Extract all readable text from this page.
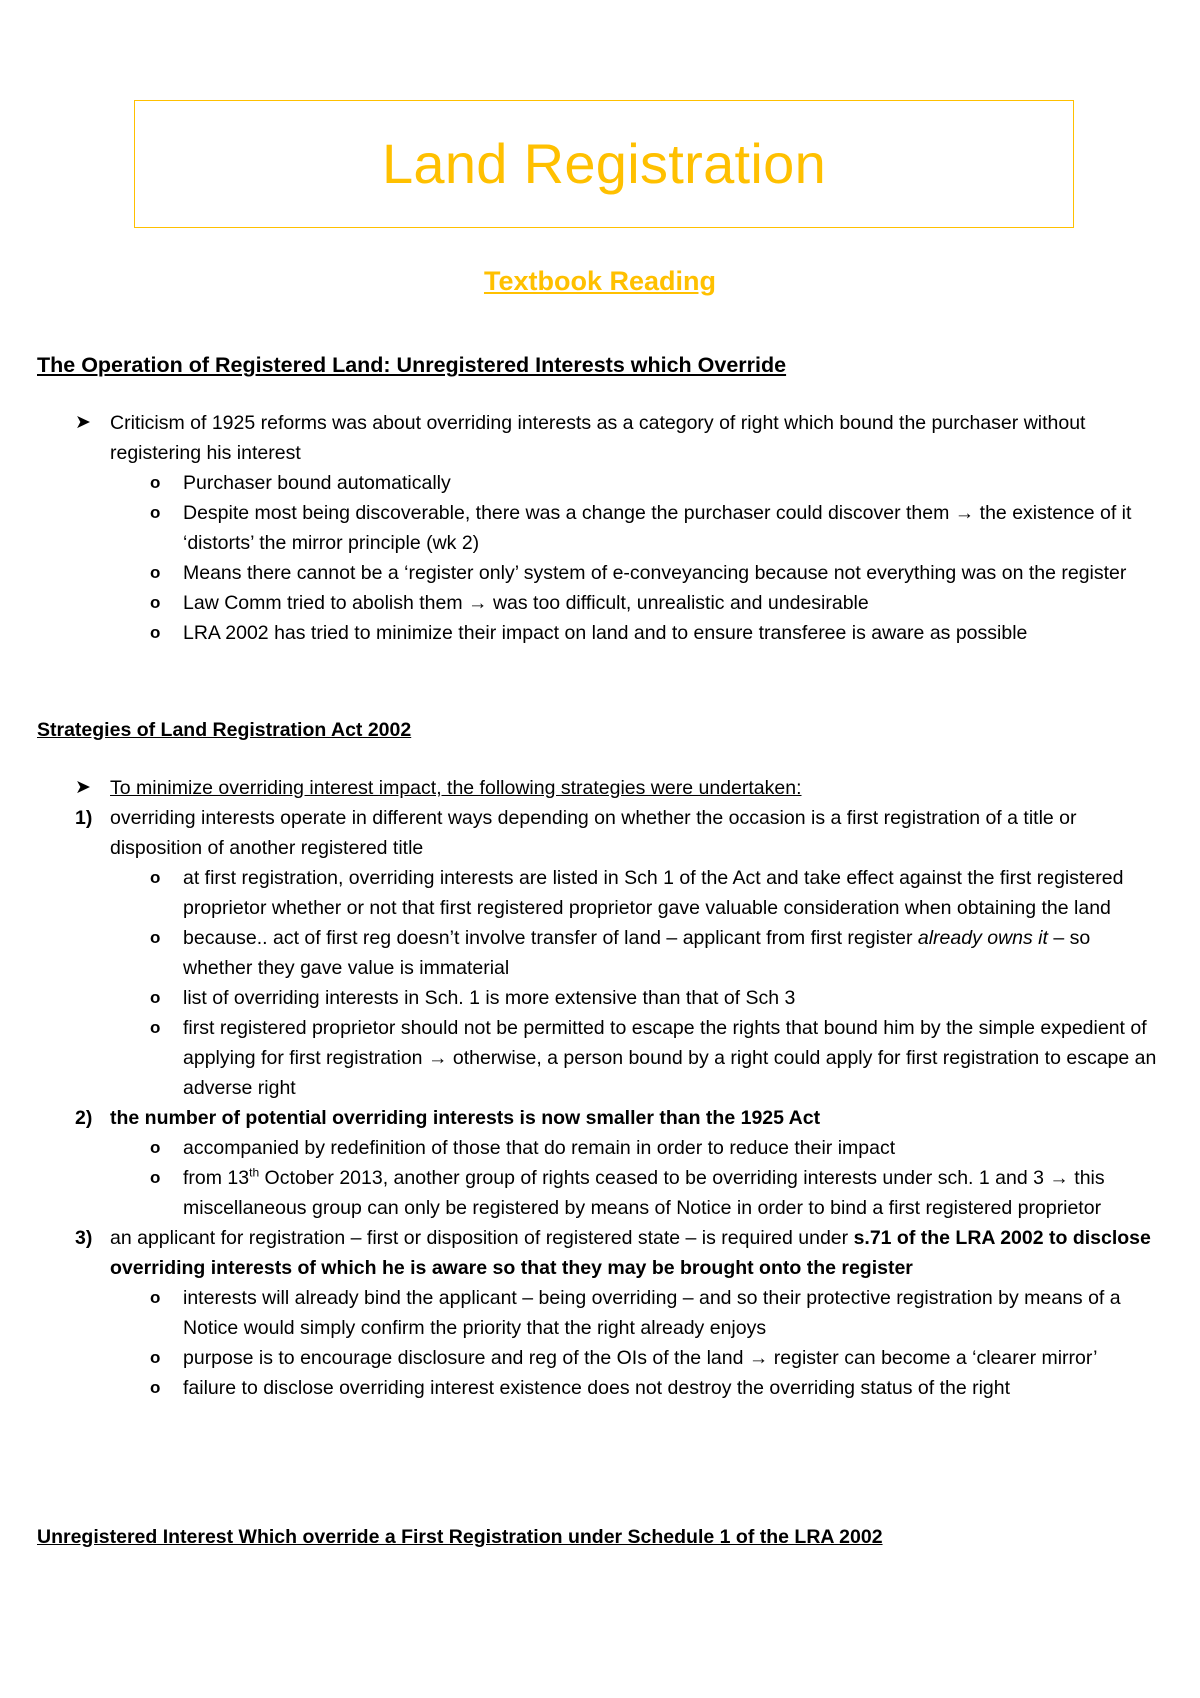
Land Registration
Textbook Reading
The Operation of Registered Land: Unregistered Interests which Override
➤ Criticism of 1925 reforms was about overriding interests as a category of right which bound the purchaser without registering his interest
o Purchaser bound automatically
o Despite most being discoverable, there was a change the purchaser could discover them → the existence of it ‘distorts’ the mirror principle (wk 2)
o Means there cannot be a ‘register only’ system of e-conveyancing because not everything was on the register
o Law Comm tried to abolish them → was too difficult, unrealistic and undesirable
o LRA 2002 has tried to minimize their impact on land and to ensure transferee is aware as possible
Strategies of Land Registration Act 2002
➤ To minimize overriding interest impact, the following strategies were undertaken:
1) overriding interests operate in different ways depending on whether the occasion is a first registration of a title or disposition of another registered title
o at first registration, overriding interests are listed in Sch 1 of the Act and take effect against the first registered proprietor whether or not that first registered proprietor gave valuable consideration when obtaining the land
o because.. act of first reg doesn’t involve transfer of land – applicant from first register already owns it – so whether they gave value is immaterial
o list of overriding interests in Sch. 1 is more extensive than that of Sch 3
o first registered proprietor should not be permitted to escape the rights that bound him by the simple expedient of applying for first registration → otherwise, a person bound by a right could apply for first registration to escape an adverse right
2) the number of potential overriding interests is now smaller than the 1925 Act
o accompanied by redefinition of those that do remain in order to reduce their impact
o from 13th October 2013, another group of rights ceased to be overriding interests under sch. 1 and 3 → this miscellaneous group can only be registered by means of Notice in order to bind a first registered proprietor
3) an applicant for registration – first or disposition of registered state – is required under s.71 of the LRA 2002 to disclose overriding interests of which he is aware so that they may be brought onto the register
o interests will already bind the applicant – being overriding – and so their protective registration by means of a Notice would simply confirm the priority that the right already enjoys
o purpose is to encourage disclosure and reg of the OIs of the land → register can become a ‘clearer mirror’
o failure to disclose overriding interest existence does not destroy the overriding status of the right
Unregistered Interest Which override a First Registration under Schedule 1 of the LRA 2002
